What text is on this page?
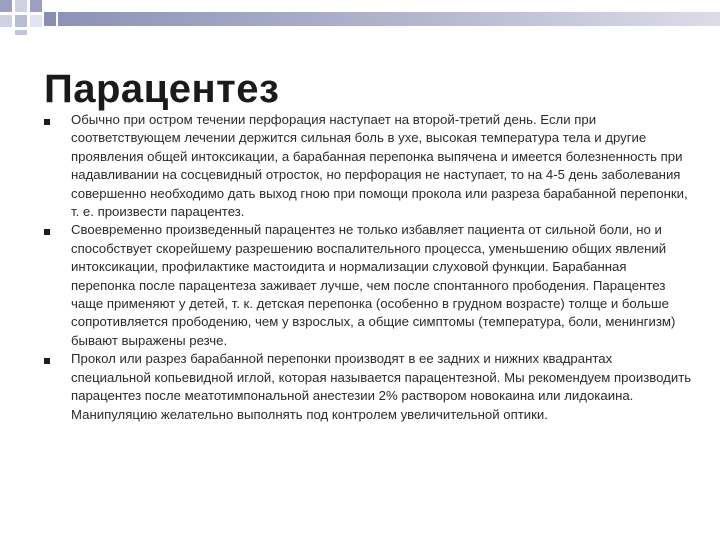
Парацентез

Обычно при остром течении перфорация наступает на второй-третий день. Если при соответствующем лечении держится сильная боль в ухе, высокая температура тела и другие проявления общей интоксикации, а барабанная перепонка выпячена и имеется болезненность при надавливании на сосцевидный отросток, но перфорация не наступает, то на 4-5 день заболевания совершенно необходимо дать выход гною при помощи прокола или разреза барабанной перепонки, т. е. произвести парацентез.

Своевременно произведенный парацентез не только избавляет пациента от сильной боли, но и способствует скорейшему разрешению воспалительного процесса, уменьшению общих явлений интоксикации, профилактике мастоидита и нормализации слуховой функции. Барабанная перепонка после парацентеза заживает лучше, чем после спонтанного прободения. Парацентез чаще применяют у детей, т. к. детская перепонка (особенно в грудном возрасте) толще и больше сопротивляется прободению, чем у взрослых, а общие симптомы (температура, боли, менингизм) бывают выражены резче.

Прокол или разрез барабанной перепонки производят в ее задних и нижних квадрантах специальной копьевидной иглой, которая называется парацентезной. Мы рекомендуем производить парацентез после меатотимпональной анестезии 2% раствором новокаина или лидокаина. Манипуляцию желательно выполнять под контролем увеличительной оптики.
